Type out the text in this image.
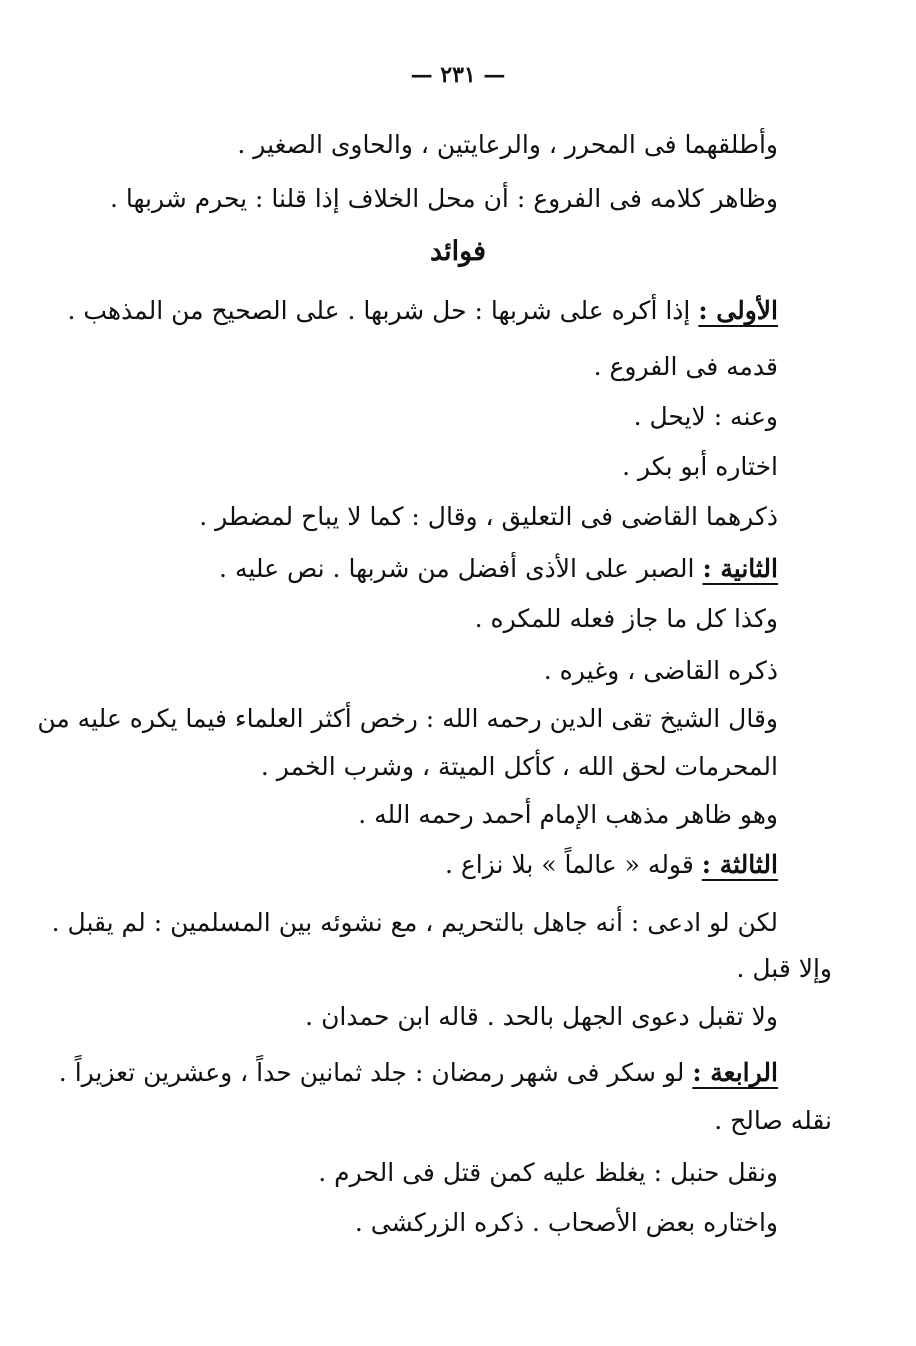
— ٢٣١ —
وأطلقهما فى المحرر ، والرعايتين ، والحاوى الصغير .
وظاهر كلامه فى الفروع : أن محل الخلاف إذا قلنا : يحرم شربها .
فوائد
الأولى : إذا أكره على شربها : حل شربها . على الصحيح من المذهب .
قدمه فى الفروع .
وعنه : لايحل .
اختاره أبو بكر .
ذكرهما القاضى فى التعليق ، وقال : كما لا يباح لمضطر .
الثانية : الصبر على الأذى أفضل من شربها . نص عليه .
وكذا كل ما جاز فعله للمكره .
ذكره القاضى ، وغيره .
وقال الشيخ تقى الدين رحمه الله : رخص أكثر العلماء فيما يكره عليه من
المحرمات لحق الله ، كأكل الميتة ، وشرب الخمر .
وهو ظاهر مذهب الإمام أحمد رحمه الله .
الثالثة : قوله « عالماً » بلا نزاع .
لكن لو ادعى : أنه جاهل بالتحريم ، مع نشوئه بين المسلمين : لم يقبل .
وإلا قبل .
ولا تقبل دعوى الجهل بالحد . قاله ابن حمدان .
الرابعة : لو سكر فى شهر رمضان : جلد ثمانين حداً ، وعشرين تعزيراً .
نقله صالح .
ونقل حنبل : يغلظ عليه كمن قتل فى الحرم .
واختاره بعض الأصحاب . ذكره الزركشى .
